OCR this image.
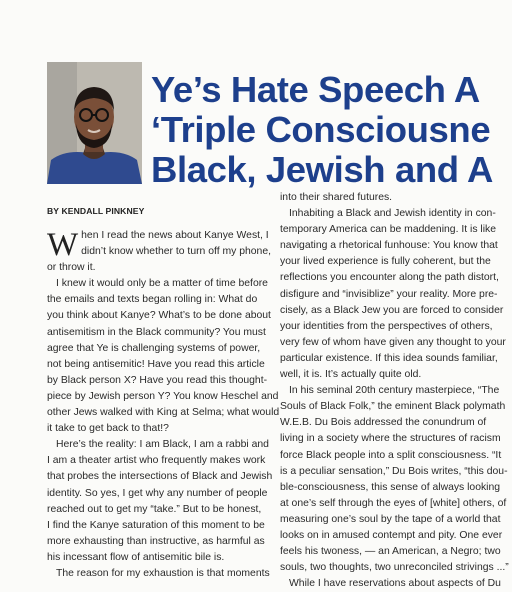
Ye’s Hate Speech A
‘Triple Consciousne
Black, Jewish and A
BY KENDALL PINKNEY
W hen I read the news about Kanye West, I
didn’t know whether to turn off my phone,
or throw it.
I knew it would only be a matter of time before
the emails and texts began rolling in: What do
you think about Kanye? What’s to be done about
antisemitism in the Black community? You must
agree that Ye is challenging systems of power,
not being antisemitic! Have you read this article
by Black person X? Have you read this thought-
piece by Jewish person Y? You know Heschel and
other Jews walked with King at Selma; what would
it take to get back to that!?
Here’s the reality: I am Black, I am a rabbi and
I am a theater artist who frequently makes work
that probes the intersections of Black and Jewish
identity. So yes, I get why any number of people
reached out to get my “take.” But to be honest,
I find the Kanye saturation of this moment to be
more exhausting than instructive, as harmful as
his incessant flow of antisemitic bile is.
The reason for my exhaustion is that moments
into their shared futures.
Inhabiting a Black and Jewish identity in con-
temporary America can be maddening. It is like
navigating a rhetorical funhouse: You know that
your lived experience is fully coherent, but the
reflections you encounter along the path distort,
disfigure and “invisiblize” your reality. More pre-
cisely, as a Black Jew you are forced to consider
your identities from the perspectives of others,
very few of whom have given any thought to your
particular existence. If this idea sounds familiar,
well, it is. It’s actually quite old.
In his seminal 20th century masterpiece, “The
Souls of Black Folk,” the eminent Black polymath
W.E.B. Du Bois addressed the conundrum of
living in a society where the structures of racism
force Black people into a split consciousness. “It
is a peculiar sensation,” Du Bois writes, “this dou-
ble-consciousness, this sense of always looking
at one’s self through the eyes of [white] others, of
measuring one’s soul by the tape of a world that
looks on in amused contempt and pity. One ever
feels his twoness, — an American, a Negro; two
souls, two thoughts, two unreconciled strivings ...”
While I have reservations about aspects of Du
